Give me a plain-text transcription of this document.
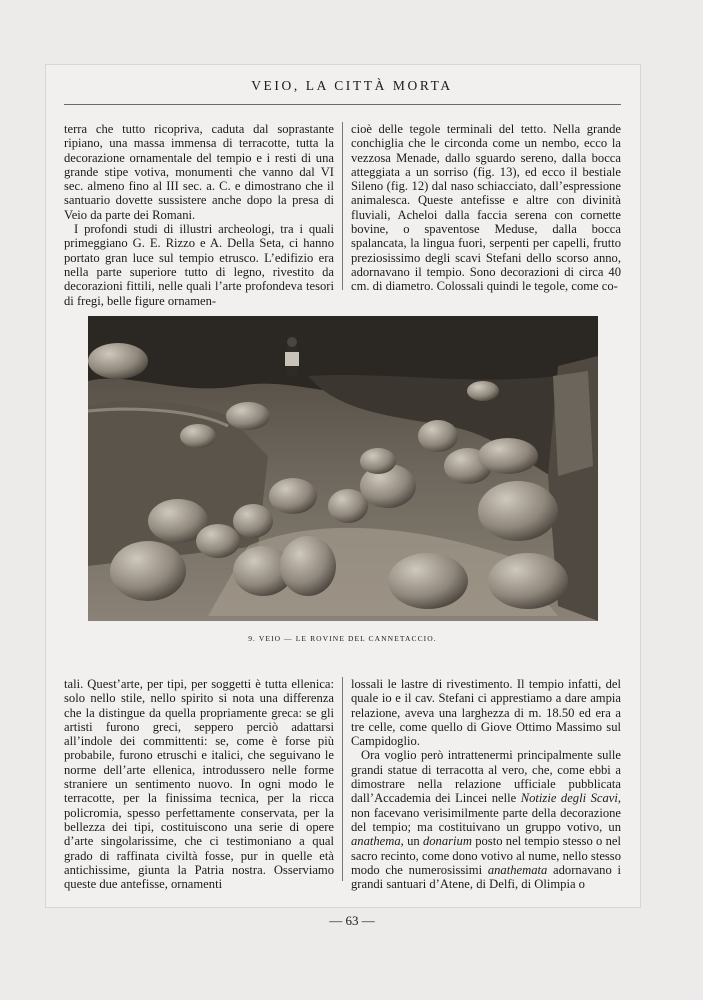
VEIO, LA CITTÀ MORTA

terra che tutto ricopriva, caduta dal soprastante ripiano, una massa immensa di terracotte, tutta la decorazione ornamentale del tempio e i resti di una grande stipe votiva, monumenti che vanno dal VI sec. almeno fino al III sec. a. C. e dimostrano che il santuario dovette sussistere anche dopo la presa di Veio da parte dei Romani.

I profondi studi di illustri archeologi, tra i quali primeggiano G. E. Rizzo e A. Della Seta, ci hanno portato gran luce sul tempio etrusco. L’edifizio era nella parte superiore tutto di legno, rivestito da decorazioni fittili, nelle quali l’arte profondeva tesori di fregi, belle figure ornamen-

cioè delle tegole terminali del tetto. Nella grande conchiglia che le circonda come un nembo, ecco la vezzosa Menade, dallo sguardo sereno, dalla bocca atteggiata a un sorriso (fig. 13), ed ecco il bestiale Sileno (fig. 12) dal naso schiacciato, dall’espressione animalesca. Queste antefisse e altre con divinità fluviali, Acheloi dalla faccia serena con cornette bovine, o spaventose Meduse, dalla bocca spalancata, la lingua fuori, serpenti per capelli, frutto preziosissimo degli scavi Stefani dello scorso anno, adornavano il tempio. Sono decorazioni di circa 40 cm. di diametro. Colossali quindi le tegole, come co-

9. VEIO — LE ROVINE DEL CANNETACCIO.

tali. Quest’arte, per tipi, per soggetti è tutta ellenica: solo nello stile, nello spirito si nota una differenza che la distingue da quella propriamente greca: se gli artisti furono greci, seppero perciò adattarsi all’indole dei committenti: se, come è forse più probabile, furono etruschi e italici, che seguivano le norme dell’arte ellenica, introdussero nelle forme straniere un sentimento nuovo. In ogni modo le terracotte, per la finissima tecnica, per la ricca policromia, spesso perfettamente conservata, per la bellezza dei tipi, costituiscono una serie di opere d’arte singolarissime, che ci testimoniano a qual grado di raffinata civiltà fosse, pur in quelle età antichissime, giunta la Patria nostra. Osserviamo queste due antefisse, ornamenti

lossali le lastre di rivestimento. Il tempio infatti, del quale io e il cav. Stefani ci apprestiamo a dare ampia relazione, aveva una larghezza di m. 18.50 ed era a tre celle, come quello di Giove Ottimo Massimo sul Campidoglio.

Ora voglio però intrattenermi principalmente sulle grandi statue di terracotta al vero, che, come ebbi a dimostrare nella relazione ufficiale pubblicata dall’Accademia dei Lincei nelle Notizie degli Scavi, non facevano verisimilmente parte della decorazione del tempio; ma costituivano un gruppo votivo, un anathema, un donarium posto nel tempio stesso o nel sacro recinto, come dono votivo al nume, nello stesso modo che numerosissimi anathemata adornavano i grandi santuari d’Atene, di Delfi, di Olimpia o

— 63 —
